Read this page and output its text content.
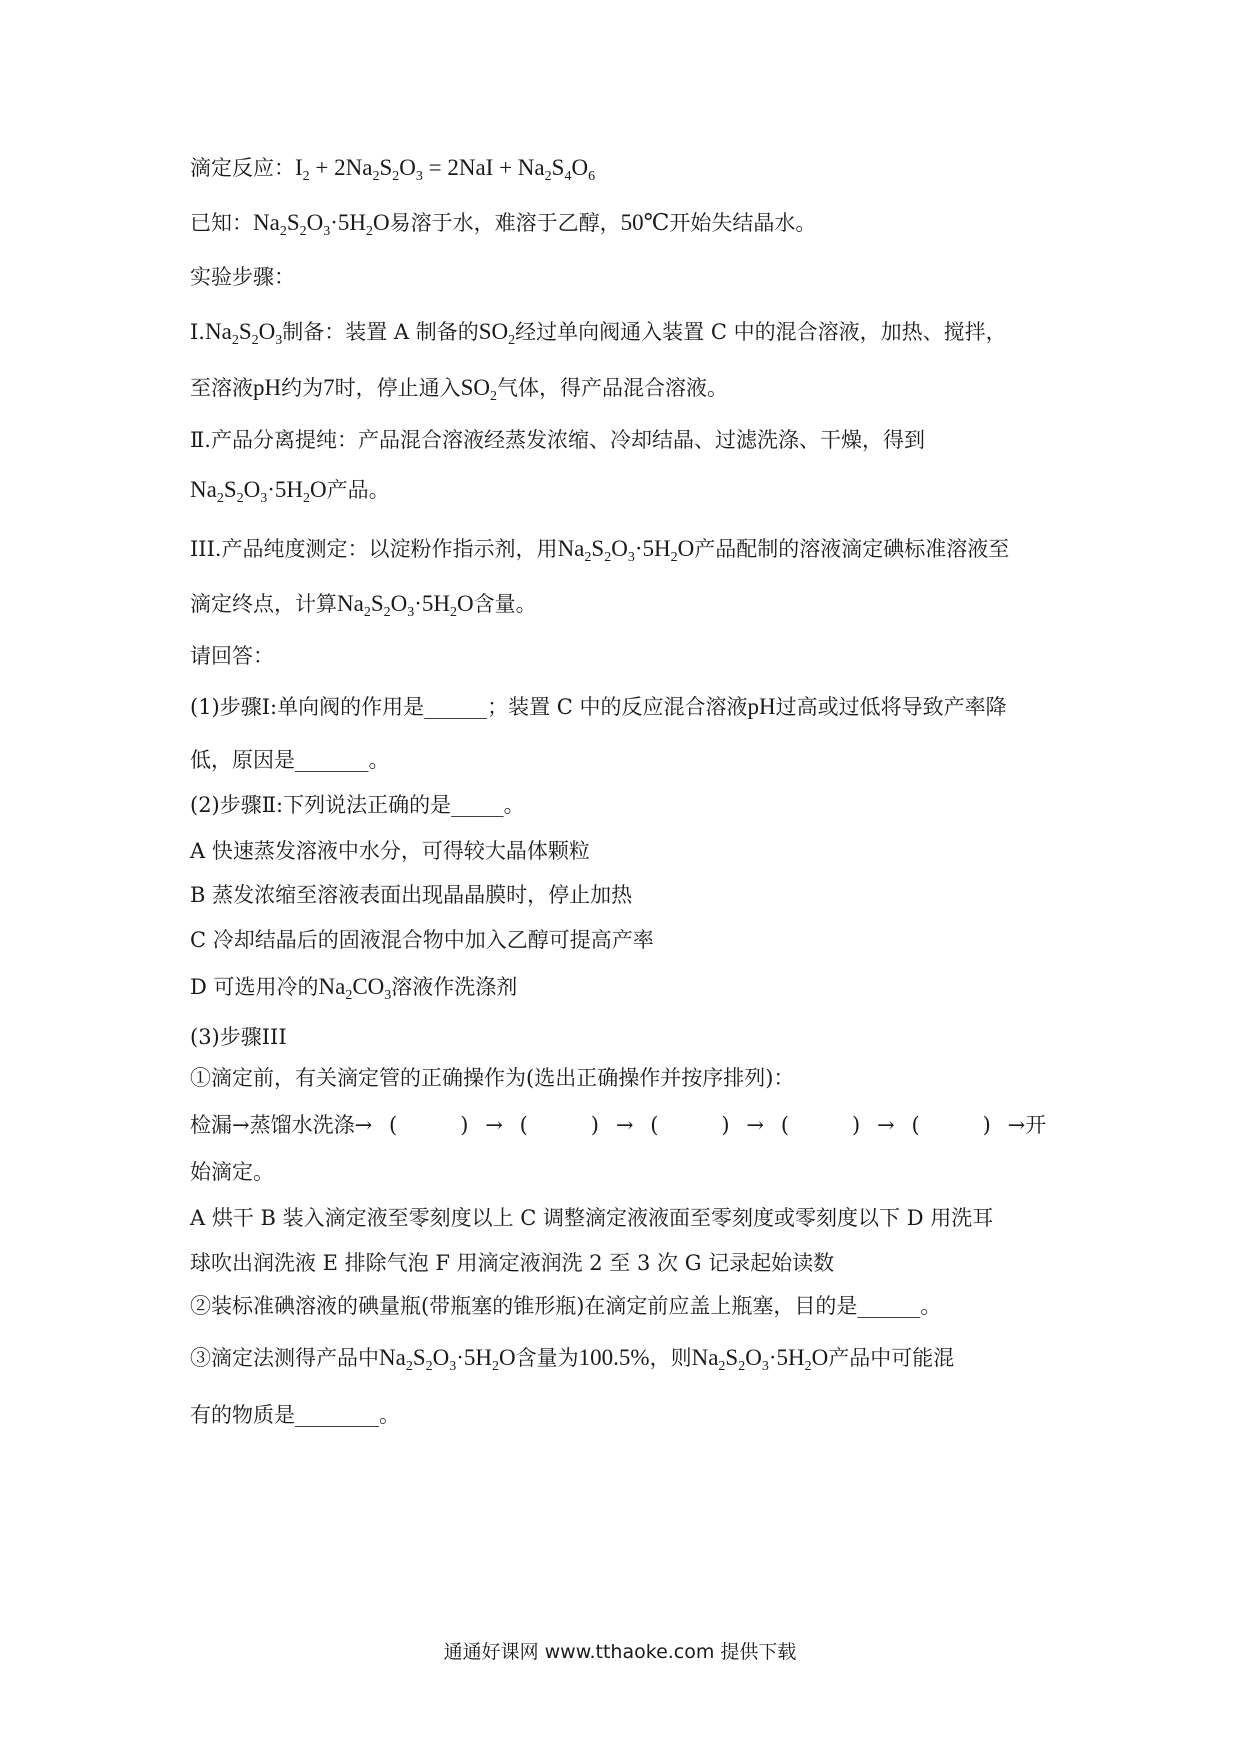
滴定反应：$I_2 + 2Na_2S_2O_3 = 2NaI + Na_2S_4O_6$
已知：$Na_2S_2O_3\cdot 5H_2O$易溶于水，难溶于乙醇，50℃开始失结晶水。
实验步骤：
$Ⅰ.Na_2S_2O_3$制备：装置 A 制备的$SO_2$经过单向阀通入装置 C 中的混合溶液，加热、搅拌，
至溶液pH约为7时，停止通入$SO_2$气体，得产品混合溶液。
Ⅱ.产品分离提纯：产品混合溶液经蒸发浓缩、冷却结晶、过滤洗涤、干燥，得到
$Na_2S_2O_3\cdot 5H_2O$产品。
III.产品纯度测定：以淀粉作指示剂，用$Na_2S_2O_3\cdot 5H_2O$产品配制的溶液滴定碘标准溶液至
滴定终点，计算$Na_2S_2O_3\cdot 5H_2O$含量。
请回答：
(1)步骤Ⅰ:单向阀的作用是______；装置 C 中的反应混合溶液pH过高或过低将导致产率降
低，原因是_______。
(2)步骤Ⅱ:下列说法正确的是_____。
A 快速蒸发溶液中水分，可得较大晶体颗粒
B 蒸发浓缩至溶液表面出现晶晶膜时，停止加热
C 冷却结晶后的固液混合物中加入乙醇可提高产率
D 可选用冷的$Na_2CO_3$溶液作洗涤剂
(3)步骤III
①滴定前，有关滴定管的正确操作为(选出正确操作并按序排列)：
检漏→蒸馏水洗涤→ (　　　) → (　　　) → (　　　) → (　　　) → (　　　) →开
始滴定。
A 烘干 B 装入滴定液至零刻度以上 C 调整滴定液液面至零刻度或零刻度以下 D 用洗耳
球吹出润洗液 E 排除气泡 F 用滴定液润洗 2 至 3 次 G 记录起始读数
②装标准碘溶液的碘量瓶(带瓶塞的锥形瓶)在滴定前应盖上瓶塞，目的是______。
③滴定法测得产品中$Na_2S_2O_3\cdot 5H_2O$含量为100.5%，则$Na_2S_2O_3\cdot 5H_2O$产品中可能混
有的物质是________。
通通好课网 www.tthaoke.com 提供下载
